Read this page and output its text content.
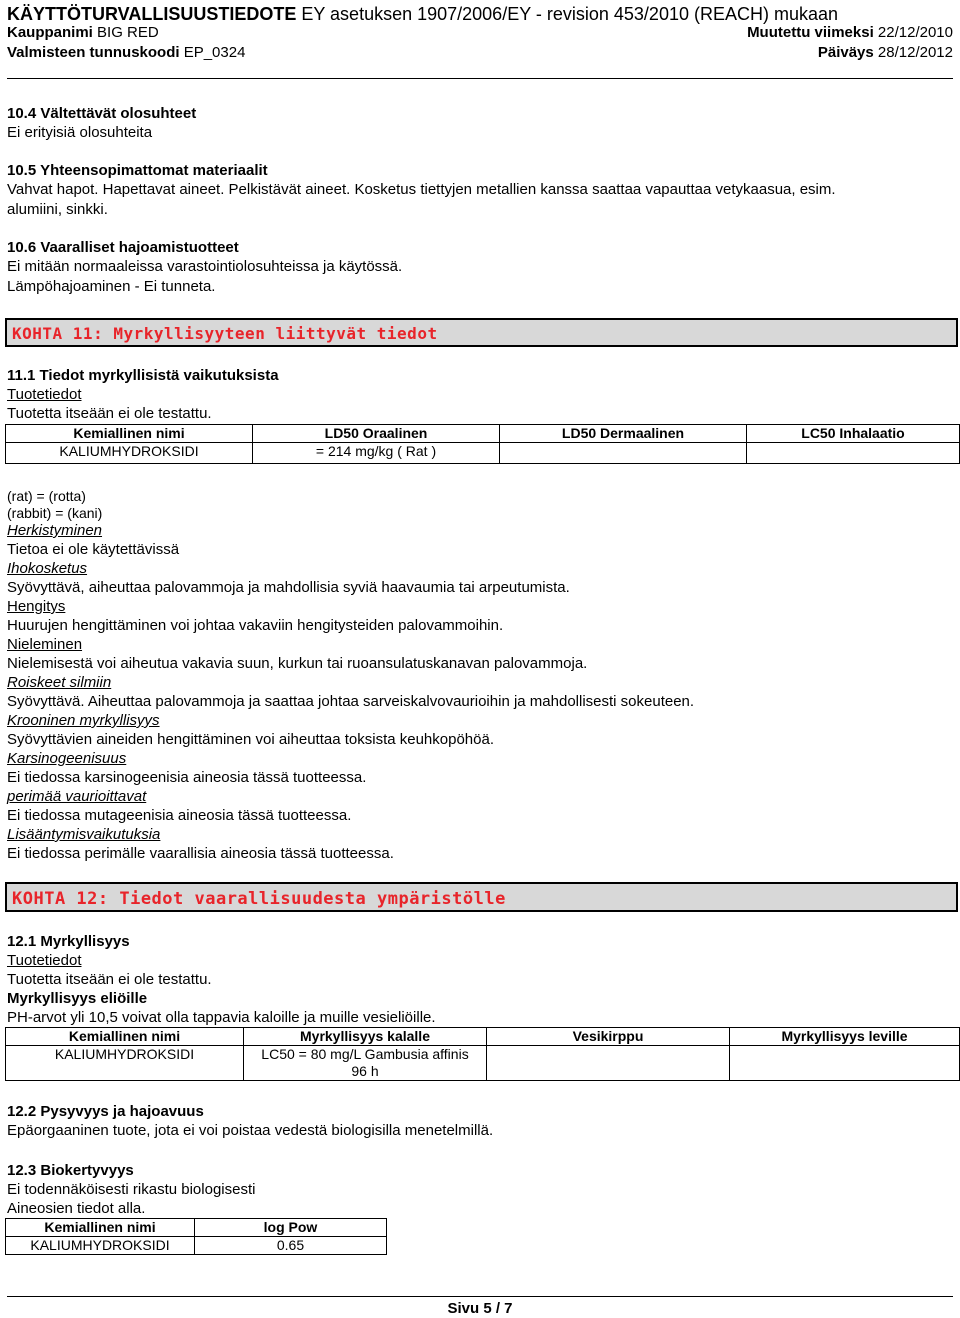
KÄYTTÖTURVALLISUUSTIEDOTE EY asetuksen 1907/2006/EY - revision 453/2010 (REACH) mukaan
Kauppanimi BIG RED	Muutettu viimeksi 22/12/2010
Valmisteen tunnuskoodi EP_0324	Päiväys 28/12/2012
10.4 Vältettävät olosuhteet
Ei erityisiä olosuhteita
10.5 Yhteensopimattomat materiaalit
Vahvat hapot. Hapettavat aineet. Pelkistävät aineet. Kosketus tiettyjen metallien kanssa saattaa vapauttaa vetykaasua, esim.
alumiini, sinkki.
10.6 Vaaralliset hajoamistuotteet
Ei mitään normaaleissa varastointiolosuhteissa ja käytössä.
Lämpöhajoaminen - Ei tunneta.
KOHTA 11: Myrkyllisyyteen liittyvät tiedot
11.1 Tiedot myrkyllisistä vaikutuksista
Tuotetiedot
Tuotetta itseään ei ole testattu.
Kemiallinen nimi	LD50 Oraalinen	LD50 Dermaalinen	LC50 Inhalaatio
KALIUMHYDROKSIDI	= 214 mg/kg ( Rat )		
(rat) = (rotta)
(rabbit) = (kani)
Herkistyminen
Tietoa ei ole käytettävissä
Ihokosketus
Syövyttävä, aiheuttaa palovammoja ja mahdollisia syviä haavaumia tai arpeutumista.
Hengitys
Huurujen hengittäminen voi johtaa vakaviin hengitysteiden palovammoihin.
Nieleminen
Nielemisestä voi aiheutua vakavia suun, kurkun tai ruoansulatuskanavan palovammoja.
Roiskeet silmiin
Syövyttävä. Aiheuttaa palovammoja ja saattaa johtaa sarveiskalvovaurioihin ja mahdollisesti sokeuteen.
Krooninen myrkyllisyys
Syövyttävien aineiden hengittäminen voi aiheuttaa toksista keuhkopöhöä.
Karsinogeenisuus
Ei tiedossa karsinogeenisia aineosia tässä tuotteessa.
perimää vaurioittavat
Ei tiedossa mutageenisia aineosia tässä tuotteessa.
Lisääntymisvaikutuksia
Ei tiedossa perimälle vaarallisia aineosia tässä tuotteessa.
KOHTA 12: Tiedot vaarallisuudesta ympäristölle
12.1 Myrkyllisyys
Tuotetiedot
Tuotetta itseään ei ole testattu.
Myrkyllisyys eliöille
PH-arvot yli 10,5 voivat olla tappavia kaloille ja muille vesieliöille.
Kemiallinen nimi	Myrkyllisyys kalalle	Vesikirppu	Myrkyllisyys leville
KALIUMHYDROKSIDI	LC50 = 80 mg/L Gambusia affinis
96 h		

12.2 Pysyvyys ja hajoavuus
Epäorgaaninen tuote, jota ei voi poistaa vedestä biologisilla menetelmillä.
12.3 Biokertyvyys
Ei todennäköisesti rikastu biologisesti
Aineosien tiedot alla.
Kemiallinen nimi	log Pow
KALIUMHYDROKSIDI	0.65
Sivu 5 / 7
